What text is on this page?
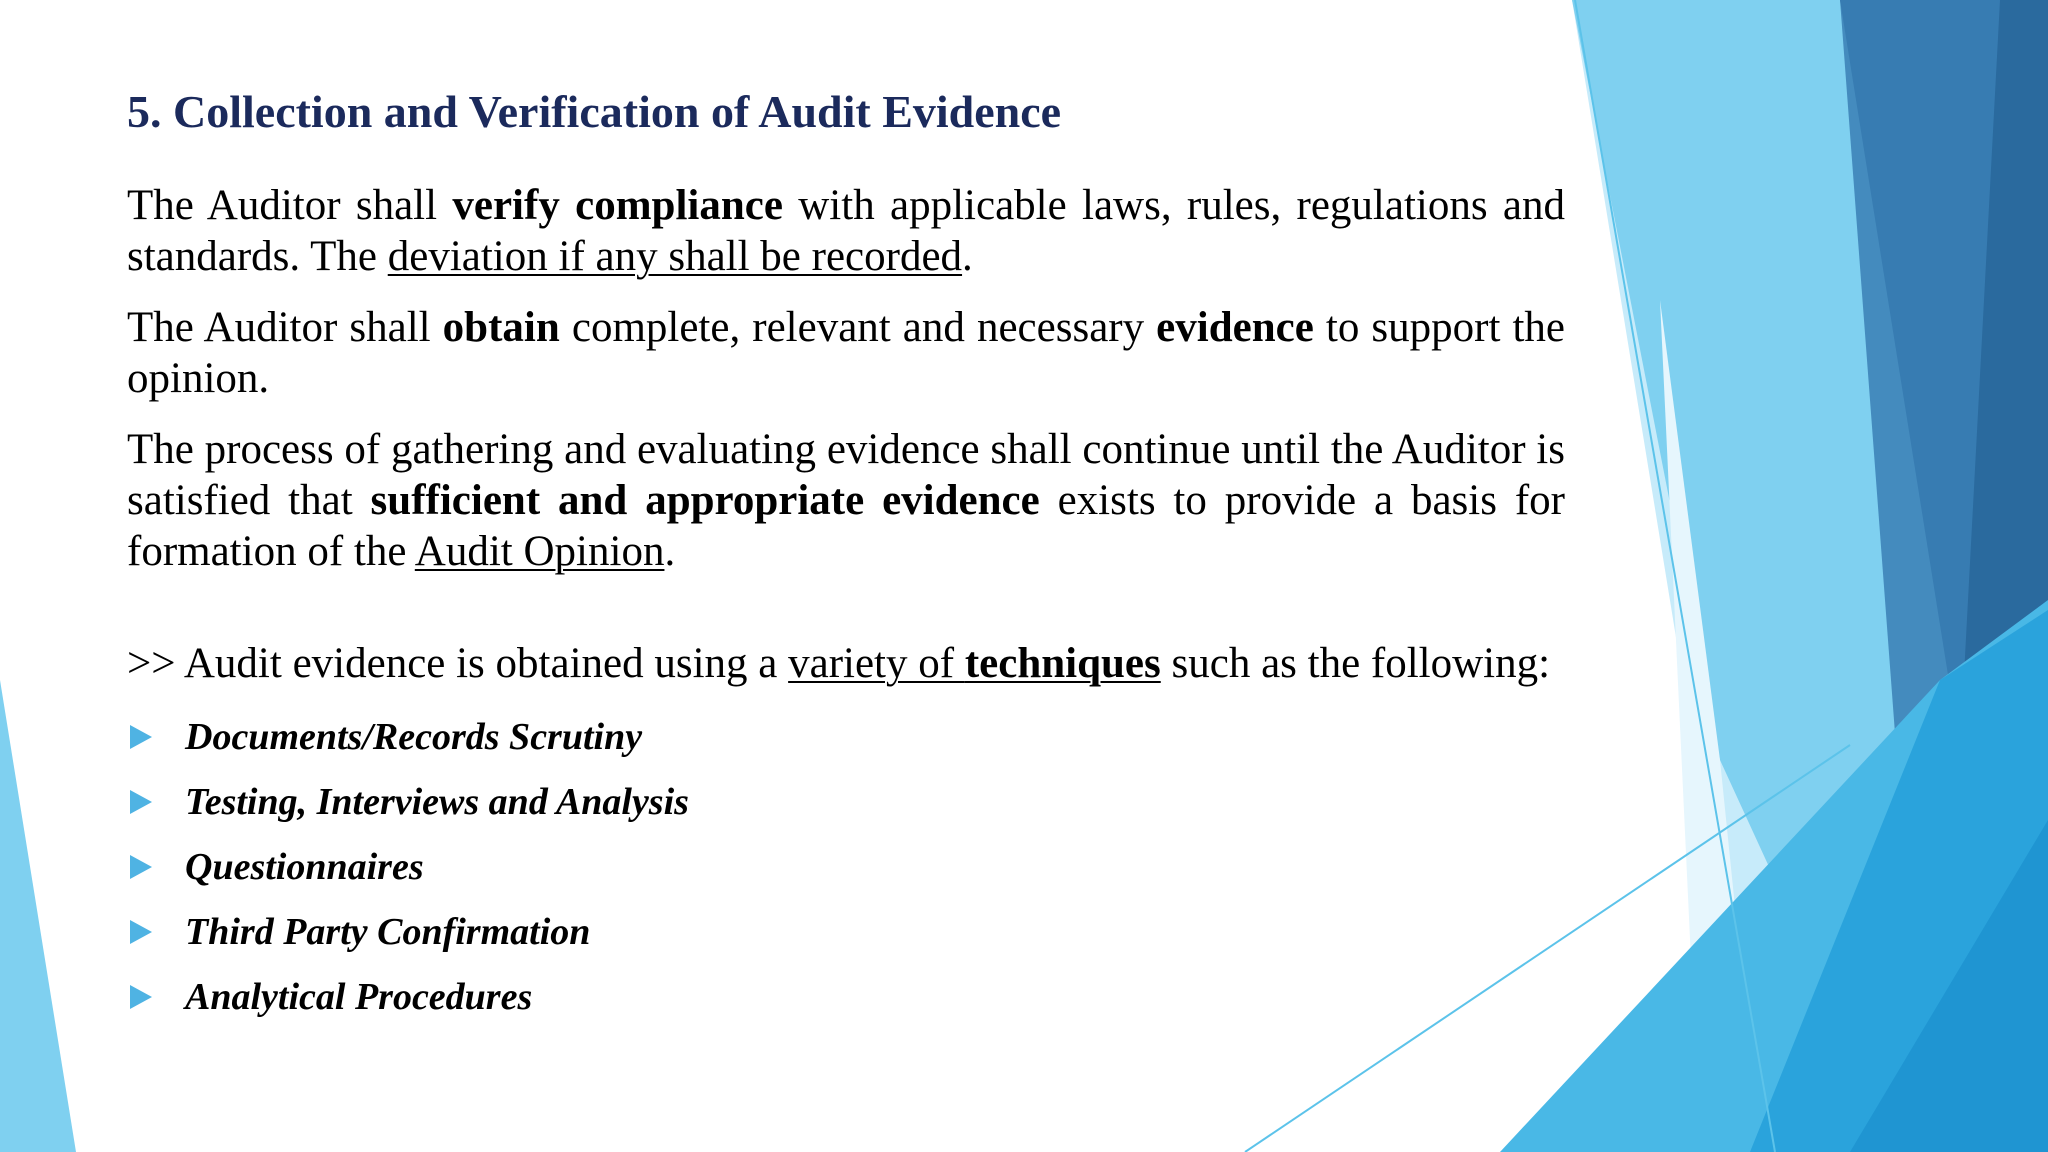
5. Collection and Verification of Audit Evidence

The Auditor shall verify compliance with applicable laws, rules, regulations and standards. The deviation if any shall be recorded.

The Auditor shall obtain complete, relevant and necessary evidence to support the opinion.

The process of gathering and evaluating evidence shall continue until the Auditor is satisfied that sufficient and appropriate evidence exists to provide a basis for formation of the Audit Opinion.

>> Audit evidence is obtained using a variety of techniques such as the following:

Documents/Records Scrutiny
Testing, Interviews and Analysis
Questionnaires
Third Party Confirmation
Analytical Procedures
